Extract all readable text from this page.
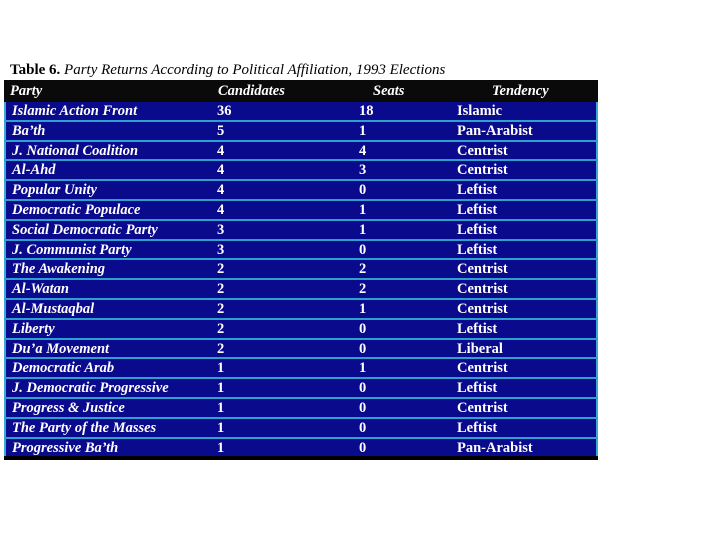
Table 6. Party Returns According to Political Affiliation, 1993 Elections
Party	Candidates	Seats	Tendency
Islamic Action Front	36	18	Islamic
Ba’th	5	1	Pan-Arabist
J. National Coalition	4	4	Centrist
Al-Ahd	4	3	Centrist
Popular Unity	4	0	Leftist
Democratic Populace	4	1	Leftist
Social Democratic Party	3	1	Leftist
J. Communist Party	3	0	Leftist
The Awakening	2	2	Centrist
Al-Watan	2	2	Centrist
Al-Mustaqbal	2	1	Centrist
Liberty	2	0	Leftist
Du’a Movement	2	0	Liberal
Democratic Arab	1	1	Centrist
J. Democratic Progressive	1	0	Leftist
Progress & Justice	1	0	Centrist
The Party of the Masses	1	0	Leftist
Progressive Ba’th	1	0	Pan-Arabist
